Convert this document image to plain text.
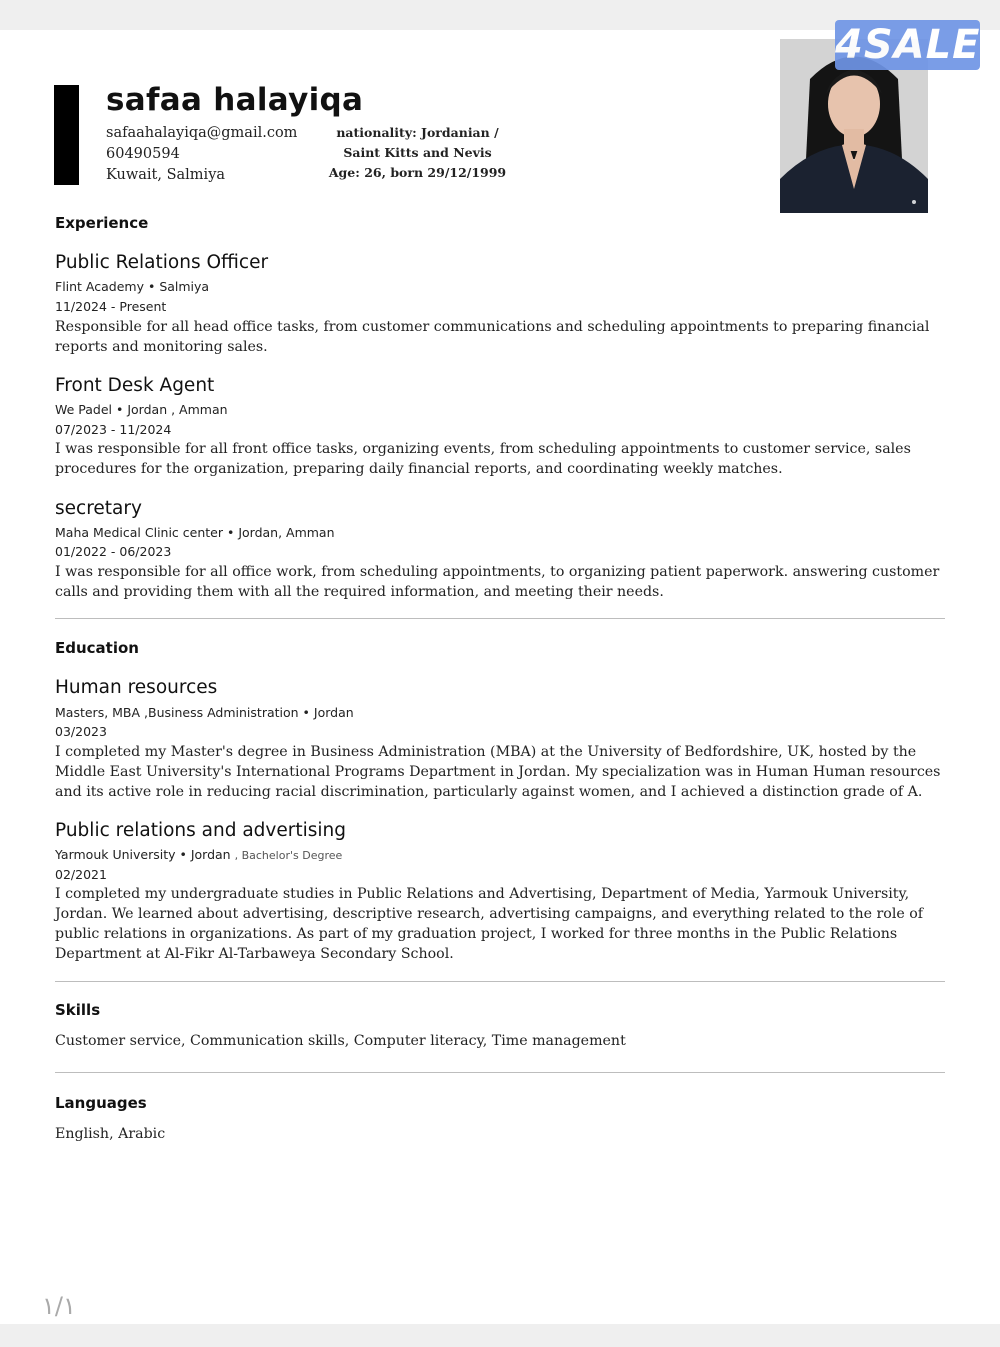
safaa halayiqa
safaahalayiqa@gmail.com
60490594
Kuwait, Salmiya
nationality: Jordanian / Saint Kitts and Nevis
Age: 26, born 29/12/1999
4SALE
Experience
Public Relations Officer
Flint Academy • Salmiya
11/2024 - Present
Responsible for all head office tasks, from customer communications and scheduling appointments to preparing financial reports and monitoring sales.
Front Desk Agent
We Padel • Jordan , Amman
07/2023 - 11/2024
I was responsible for all front office tasks, organizing events, from scheduling appointments to customer service, sales procedures for the organization, preparing daily financial reports, and coordinating weekly matches.
secretary
Maha Medical Clinic center • Jordan, Amman
01/2022 - 06/2023
I was responsible for all office work, from scheduling appointments, to organizing patient paperwork. answering customer calls and providing them with all the required information, and meeting their needs.
Education
Human resources
Masters, MBA ,Business Administration • Jordan
03/2023
I completed my Master's degree in Business Administration (MBA) at the University of Bedfordshire, UK, hosted by the Middle East University's International Programs Department in Jordan. My specialization was in Human Human resources and its active role in reducing racial discrimination, particularly against women, and I achieved a distinction grade of A.
Public relations and advertising
Yarmouk University • Jordan , Bachelor's Degree
02/2021
I completed my undergraduate studies in Public Relations and Advertising, Department of Media, Yarmouk University, Jordan. We learned about advertising, descriptive research, advertising campaigns, and everything related to the role of public relations in organizations. As part of my graduation project, I worked for three months in the Public Relations Department at Al-Fikr Al-Tarbaweya Secondary School.
Skills
Customer service, Communication skills, Computer literacy, Time management
Languages
English, Arabic
١/١
